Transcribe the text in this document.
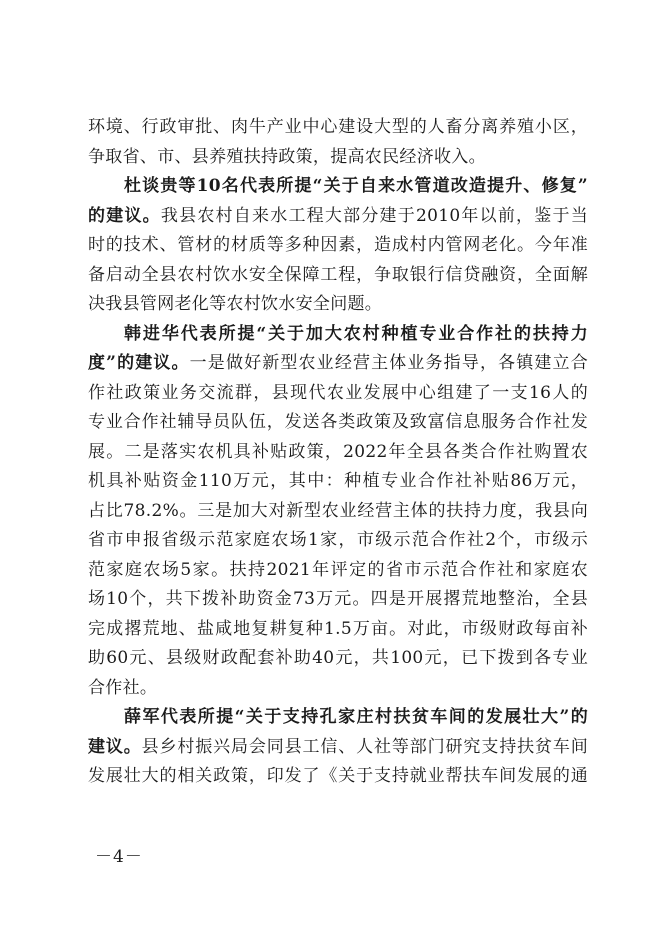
环境、行政审批、肉牛产业中心建设大型的人畜分离养殖小区，
争取省、市、县养殖扶持政策，提高农民经济收入。
杜谈贵等10名代表所提“关于自来水管道改造提升、修复”
的建议。我县农村自来水工程大部分建于2010年以前，鉴于当
时的技术、管材的材质等多种因素，造成村内管网老化。今年准
备启动全县农村饮水安全保障工程，争取银行信贷融资，全面解
决我县管网老化等农村饮水安全问题。
韩进华代表所提“关于加大农村种植专业合作社的扶持力
度”的建议。一是做好新型农业经营主体业务指导，各镇建立合
作社政策业务交流群，县现代农业发展中心组建了一支16人的
专业合作社辅导员队伍，发送各类政策及致富信息服务合作社发
展。二是落实农机具补贴政策，2022年全县各类合作社购置农
机具补贴资金110万元，其中：种植专业合作社补贴86万元，
占比78.2%。三是加大对新型农业经营主体的扶持力度，我县向
省市申报省级示范家庭农场1家，市级示范合作社2个，市级示
范家庭农场5家。扶持2021年评定的省市示范合作社和家庭农
场10个，共下拨补助资金73万元。四是开展撂荒地整治，全县
完成撂荒地、盐咸地复耕复种1.5万亩。对此，市级财政每亩补
助60元、县级财政配套补助40元，共100元，已下拨到各专业
合作社。
薛军代表所提“关于支持孔家庄村扶贫车间的发展壮大”的
建议。县乡村振兴局会同县工信、人社等部门研究支持扶贫车间
发展壮大的相关政策，印发了《关于支持就业帮扶车间发展的通
－4－
